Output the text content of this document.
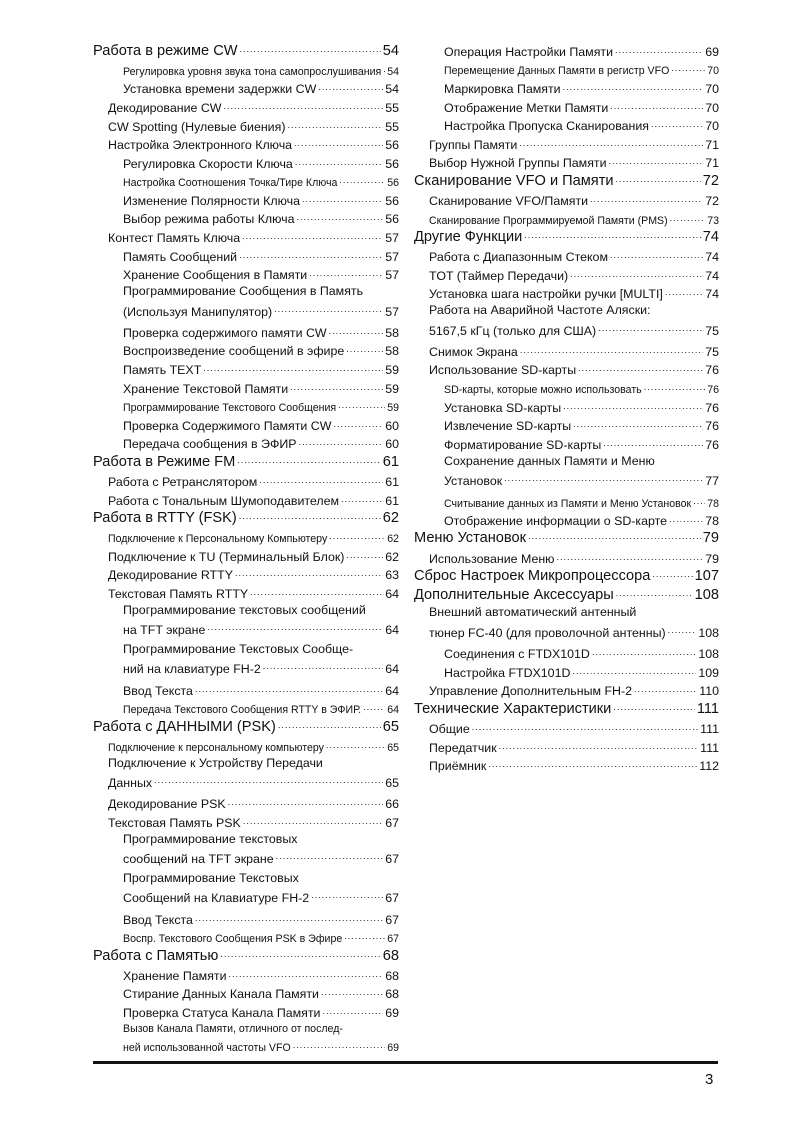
Работа в режиме CW .....	54
Регулировка уровня звука тона самопрослушивания ..... 54
Установка времени задержки CW .....	54
Декодирование CW .....	55
CW Spotting (Нулевые биения) .....	55
Настройка Электронного Ключа .....	56
Регулировка Скорости Ключа .....	56
Настройка Соотношения Точка/Тире Ключа .....	56
Изменение Полярности Ключа .....	56
Выбор режима работы Ключа .....	56
Контест Память Ключа .....	57
Память Сообщений .....	57
Хранение Сообщения в Памяти .....	57
Программирование Сообщения в Память
(Используя Манипулятор) .....	57
Проверка содержимого памяти CW .....	58
Воспроизведение сообщений в эфире .....	58
Память TEXT .....	59
Хранение Текстовой Памяти .....	59
Программирование Текстового Сообщения .....	59
Проверка Содержимого Памяти CW .....	60
Передача сообщения в ЭФИР .....	60
Работа в Режиме FM .....	61
Работа с Ретранслятором .....	61
Работа с Тональным Шумоподавителем .....	61
Работа в RTTY (FSK) .....	62
Подключение к Персональному Компьютеру .....	62
Подключение к TU (Терминальный Блок) .....	62
Декодирование RTTY .....	63
Текстовая Память RTTY .....	64
Программирование текстовых сообщений
на TFT экране .....	64
Программирование Текстовых Сообще-
ний на клавиатуре FH-2 .....	64
Ввод Текста .....	64
Передача Текстового Сообщения RTTY в ЭФИР. ..... 64
Работа с ДАННЫМИ (PSK) .....	65
Подключение к персональному компьютеру .....	65
Подключение к Устройству Передачи
Данных .....	65
Декодирование PSK .....	66
Текстовая Память PSK .....	67
Программирование текстовых
сообщений на TFT экране .....	67
Программирование Текстовых
Сообщений на Клавиатуре FH-2 .....	67
Ввод Текста .....	67
Воспр. Текстового Сообщения PSK в Эфире .....	67
Работа с Памятью .....	68
Хранение Памяти .....	68
Стирание Данных Канала Памяти .....	68
Проверка Статуса Канала Памяти .....	69
Вызов Канала Памяти, отличного от послед-
ней использованной частоты VFO .....	69
Операция Настройки Памяти .....	69
Перемещение Данных Памяти в регистр VFO .....	70
Маркировка Памяти .....	70
Отображение Метки Памяти .....	70
Настройка Пропуска Сканирования .....	70
Группы Памяти .....	71
Выбор Нужной Группы Памяти .....	71
Сканирование VFO и Памяти .....	72
Сканирование VFO/Памяти .....	72
Сканирование Программируемой Памяти (PMS) .....	73
Другие Функции .....	74
Работа с Диапазонным Стеком .....	74
TOT (Таймер Передачи) .....	74
Установка шага настройки ручки [MULTI] .....	74
Работа на Аварийной Частоте Аляски:
5167,5 кГц (только для США) .....	75
Снимок Экрана .....	75
Использование SD-карты .....	76
SD-карты, которые можно использовать .....	76
Установка SD-карты .....	76
Извлечение SD-карты .....	76
Форматирование SD-карты .....	76
Сохранение данных Памяти и Меню
Установок .....	77
Считывание данных из Памяти и Меню Установок ..... 78
Отображение информации о SD-карте .....	78
Меню Установок .....	79
Использование Меню .....	79
Сброс Настроек Микропроцессора .....	107
Дополнительные Аксессуары .....	108
Внешний автоматический антенный
тюнер FC-40 (для проволочной антенны) .....	108
Соединения с FTDX101D .....	108
Настройка FTDX101D .....	109
Управление Дополнительным FH-2 .....	110
Технические Характеристики .....	111
Общие .....	111
Передатчик .....	111
Приёмник .....	112
3
